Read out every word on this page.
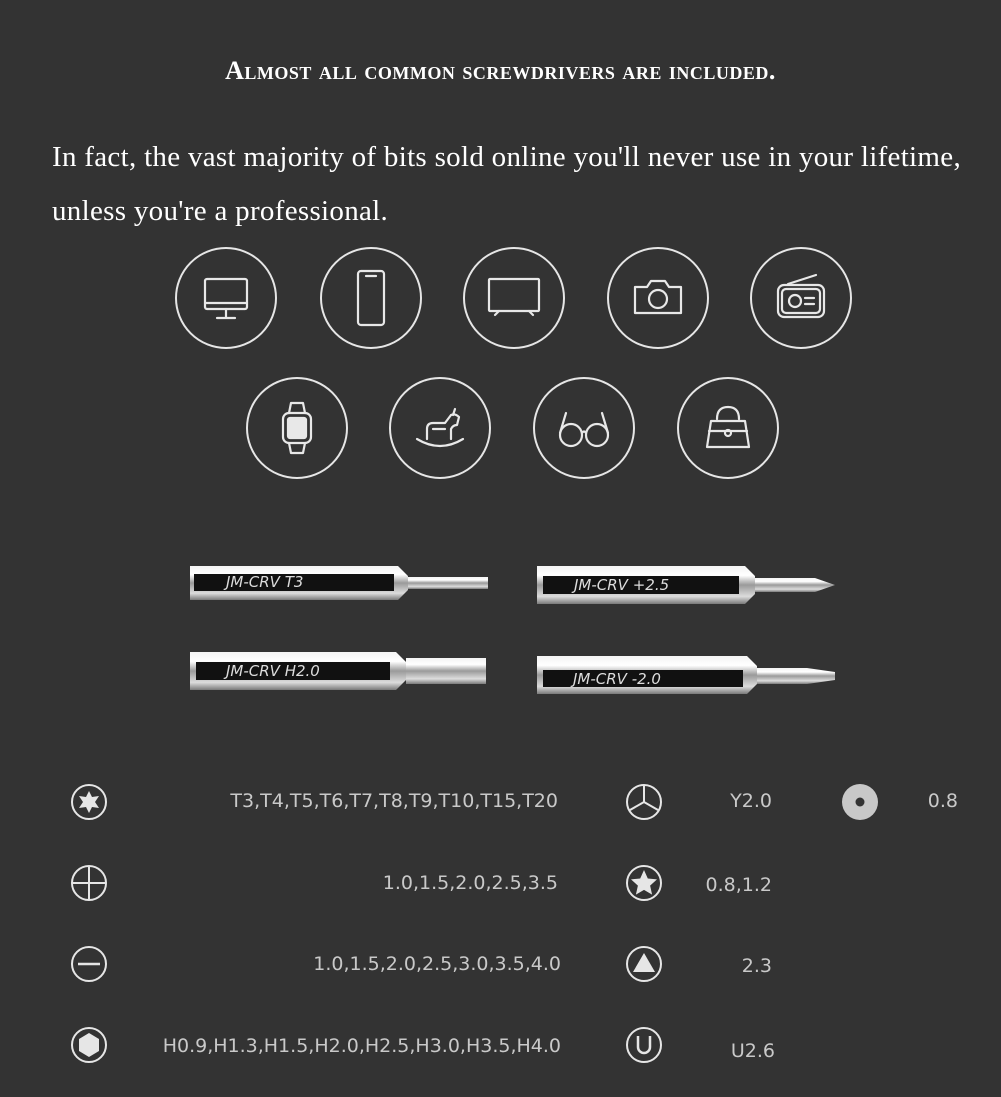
Almost all common screwdrivers are included.
In fact, the vast majority of bits sold online you'll never use in your lifetime, unless you're a professional.
JM-CRV T3	JM-CRV +2.5
JM-CRV H2.0	JM-CRV -2.0
T3,T4,T5,T6,T7,T8,T9,T10,T15,T20
1.0,1.5,2.0,2.5,3.5
1.0,1.5,2.0,2.5,3.0,3.5,4.0
H0.9,H1.3,H1.5,H2.0,H2.5,H3.0,H3.5,H4.0
Y2.0
0.8,1.2
2.3
U2.6
0.8
